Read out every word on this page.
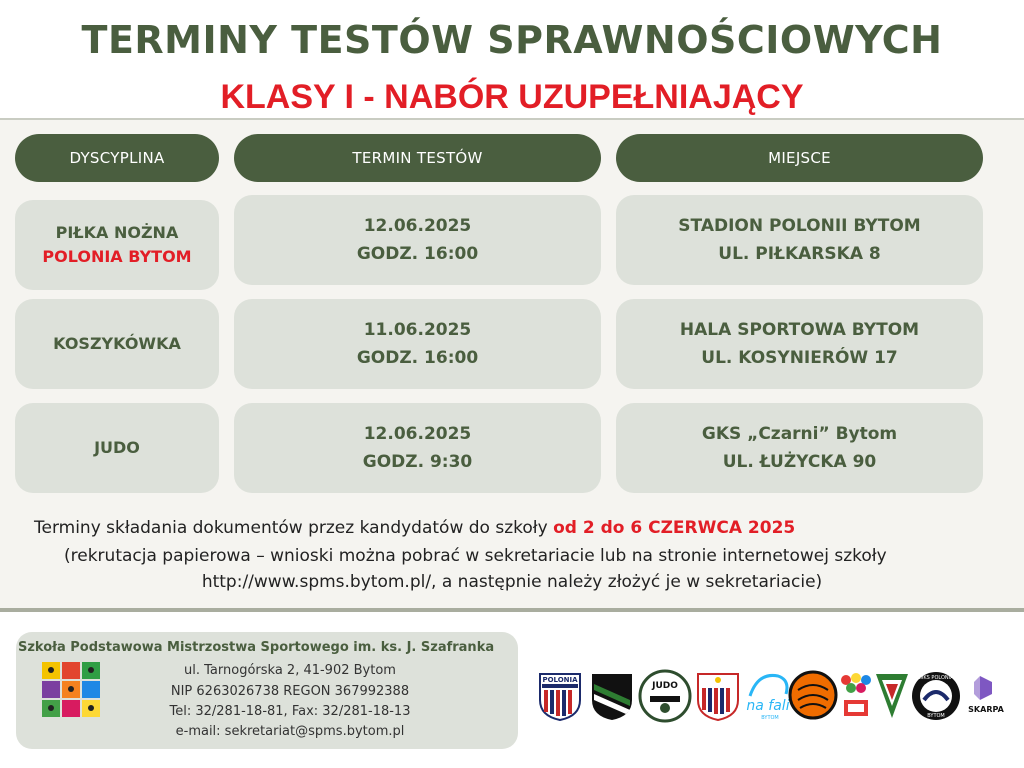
TERMINY TESTÓW SPRAWNOŚCIOWYCH
KLASY I - NABÓR UZUPEŁNIAJĄCY
DYSCYPLINA	TERMIN TESTÓW	MIEJSCE
PIŁKA NOŻNA
POLONIA BYTOM
12.06.2025
GODZ. 16:00
STADION POLONII BYTOM
UL. PIŁKARSKA 8
KOSZYKÓWKA
11.06.2025
GODZ. 16:00
HALA SPORTOWA BYTOM
UL. KOSYNIERÓW 17
JUDO
12.06.2025
GODZ. 9:30
GKS „Czarni” Bytom
UL. ŁUŻYCKA 90
Terminy składania dokumentów przez kandydatów do szkoły od 2 do 6 CZERWCA 2025
(rekrutacja papierowa – wnioski można pobrać w sekretariacie lub na stronie internetowej szkoły
http://www.spms.bytom.pl/, a następnie należy złożyć je w sekretariacie)
Szkoła Podstawowa Mistrzostwa Sportowego im. ks. J. Szafranka
ul. Tarnogórska 2, 41-902 Bytom
NIP 6263026738 REGON 367992388
Tel: 32/281-18-81, Fax: 32/281-18-13
e-mail: sekretariat@spms.bytom.pl
POLONIA
JUDO
na fali
BYTOM
WKS POLONIA
BYTOM
SKARPA
